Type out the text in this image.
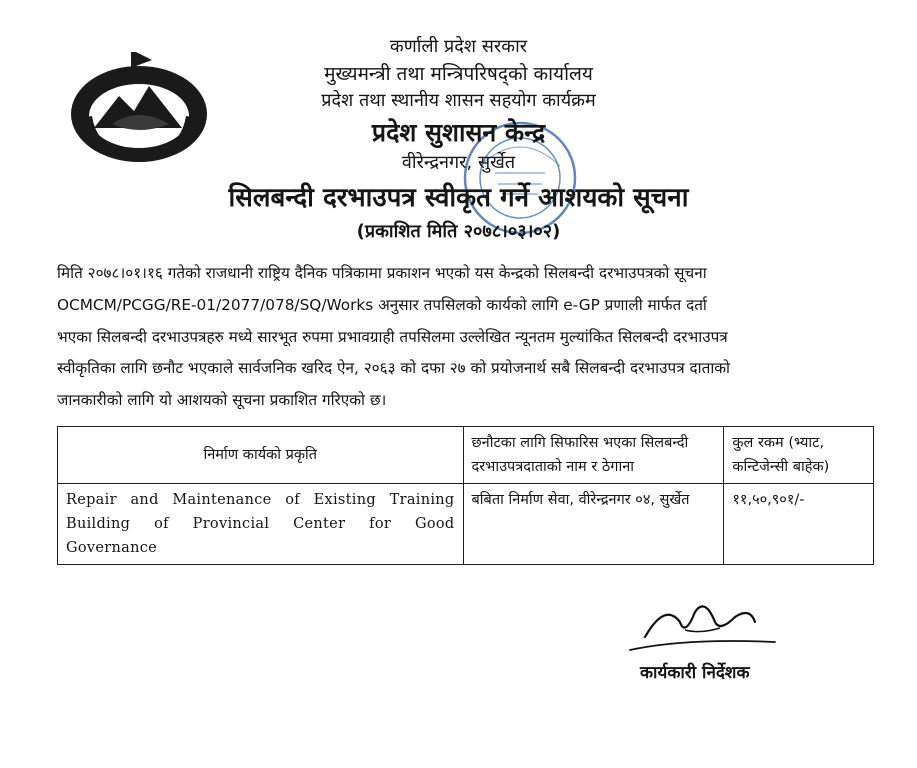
कर्णाली प्रदेश सरकार
मुख्यमन्त्री तथा मन्त्रिपरिषद्को कार्यालय
प्रदेश तथा स्थानीय शासन सहयोग कार्यक्रम
प्रदेश सुशासन केन्द्र
वीरेन्द्रनगर, सुर्खेत
सिलबन्दी दरभाउपत्र स्वीकृत गर्ने आशयको सूचना
(प्रकाशित मिति २०७८।०३।०२)
मिति २०७८।०१।१६ गतेको राजधानी राष्ट्रिय दैनिक पत्रिकामा प्रकाशन भएको यस केन्द्रको सिलबन्दी दरभाउपत्रको सूचना
OCMCM/PCGG/RE-01/2077/078/SQ/Works अनुसार तपसिलको कार्यको लागि e-GP प्रणाली मार्फत दर्ता
भएका सिलबन्दी दरभाउपत्रहरु मध्ये सारभूत रुपमा प्रभावग्राही तपसिलमा उल्लेखित न्यूनतम मुल्यांकित सिलबन्दी दरभाउपत्र
स्वीकृतिका लागि छनौट भएकाले सार्वजनिक खरिद ऐन, २०६३ को दफा २७ को प्रयोजनार्थ सबै सिलबन्दी दरभाउपत्र दाताको
जानकारीको लागि यो आशयको सूचना प्रकाशित गरिएको छ।
निर्माण कार्यको प्रकृति	छनौटका लागि सिफारिस भएका सिलबन्दी दरभाउपत्रदाताको नाम र ठेगाना	कुल रकम (भ्याट, कन्टिजेन्सी बाहेक)
Repair and Maintenance of Existing Training Building of Provincial Center for Good Governance	बबिता निर्माण सेवा, वीरेन्द्रनगर ०४, सुर्खेत	११,५०,९०१/-
कार्यकारी निर्देशक
